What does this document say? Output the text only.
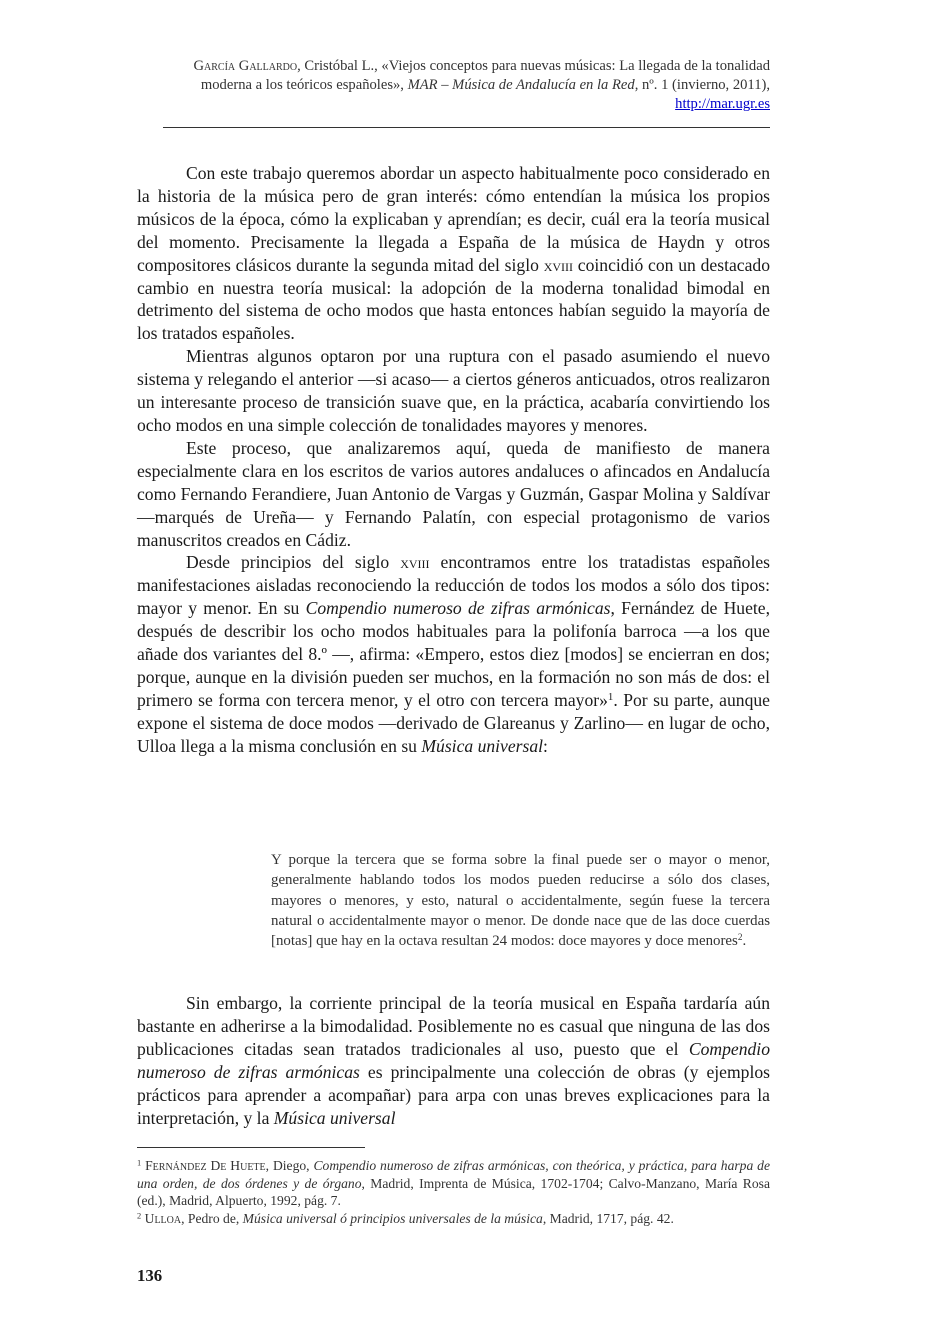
García Gallardo, Cristóbal L., «Viejos conceptos para nuevas músicas: La llegada de la tonalidad moderna a los teóricos españoles», MAR – Música de Andalucía en la Red, nº. 1 (invierno, 2011), http://mar.ugr.es

Con este trabajo queremos abordar un aspecto habitualmente poco considerado en la historia de la música pero de gran interés: cómo entendían la música los propios músicos de la época, cómo la explicaban y aprendían; es decir, cuál era la teoría musical del momento. Precisamente la llegada a España de la música de Haydn y otros compositores clásicos durante la segunda mitad del siglo xviii coincidió con un destacado cambio en nuestra teoría musical: la adopción de la moderna tonalidad bimodal en detrimento del sistema de ocho modos que hasta entonces habían seguido la mayoría de los tratados españoles.

Mientras algunos optaron por una ruptura con el pasado asumiendo el nuevo sistema y relegando el anterior —si acaso— a ciertos géneros anticuados, otros realizaron un interesante proceso de transición suave que, en la práctica, acabaría convirtiendo los ocho modos en una simple colección de tonalidades mayores y menores.

Este proceso, que analizaremos aquí, queda de manifiesto de manera especialmente clara en los escritos de varios autores andaluces o afincados en Andalucía como Fernando Ferandiere, Juan Antonio de Vargas y Guzmán, Gaspar Molina y Saldívar —marqués de Ureña— y Fernando Palatín, con especial protagonismo de varios manuscritos creados en Cádiz.

Desde principios del siglo xviii encontramos entre los tratadistas españoles manifestaciones aisladas reconociendo la reducción de todos los modos a sólo dos tipos: mayor y menor. En su Compendio numeroso de zifras armónicas, Fernández de Huete, después de describir los ocho modos habituales para la polifonía barroca —a los que añade dos variantes del 8.º —, afirma: «Empero, estos diez [modos] se encierran en dos; porque, aunque en la división pueden ser muchos, en la formación no son más de dos: el primero se forma con tercera menor, y el otro con tercera mayor»$^1$. Por su parte, aunque expone el sistema de doce modos —derivado de Glareanus y Zarlino— en lugar de ocho, Ulloa llega a la misma conclusión en su Música universal:

Y porque la tercera que se forma sobre la final puede ser o mayor o menor, generalmente hablando todos los modos pueden reducirse a sólo dos clases, mayores o menores, y esto, natural o accidentalmente, según fuese la tercera natural o accidentalmente mayor o menor. De donde nace que de las doce cuerdas [notas] que hay en la octava resultan 24 modos: doce mayores y doce menores$^2$.

Sin embargo, la corriente principal de la teoría musical en España tardaría aún bastante en adherirse a la bimodalidad. Posiblemente no es casual que ninguna de las dos publicaciones citadas sean tratados tradicionales al uso, puesto que el Compendio numeroso de zifras armónicas es principalmente una colección de obras (y ejemplos prácticos para aprender a acompañar) para arpa con unas breves explicaciones para la interpretación, y la Música universal

$^1$ Fernández De Huete, Diego, Compendio numeroso de zifras armónicas, con theórica, y práctica, para harpa de una orden, de dos órdenes y de órgano, Madrid, Imprenta de Música, 1702-1704; Calvo-Manzano, María Rosa (ed.), Madrid, Alpuerto, 1992, pág. 7.

$^2$ Ulloa, Pedro de, Música universal ó principios universales de la música, Madrid, 1717, pág. 42.

136
